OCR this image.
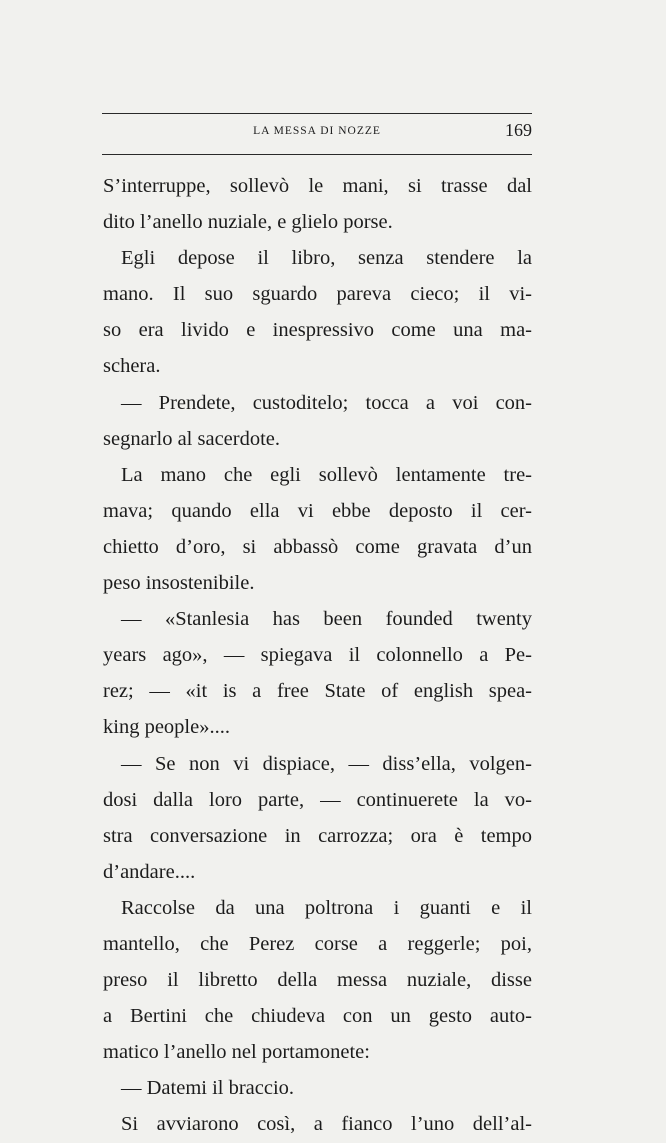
LA MESSA DI NOZZE	169
S’interruppe, sollevò le mani, si trasse dal
dito l’anello nuziale, e glielo porse.
Egli depose il libro, senza stendere la
mano. Il suo sguardo pareva cieco; il vi-
so era livido e inespressivo come una ma-
schera.
— Prendete, custoditelo; tocca a voi con-
segnarlo al sacerdote.
La mano che egli sollevò lentamente tre-
mava; quando ella vi ebbe deposto il cer-
chietto d’oro, si abbassò come gravata d’un
peso insostenibile.
— «Stanlesia has been founded twenty
years ago», — spiegava il colonnello a Pe-
rez; — «it is a free State of english spea-
king people»....
— Se non vi dispiace, — diss’ella, volgen-
dosi dalla loro parte, — continuerete la vo-
stra conversazione in carrozza; ora è tempo
d’andare....
Raccolse da una poltrona i guanti e il
mantello, che Perez corse a reggerle; poi,
preso il libretto della messa nuziale, disse
a Bertini che chiudeva con un gesto auto-
matico l’anello nel portamonete:
— Datemi il braccio.
Si avviarono così, a fianco l’uno dell’al-
